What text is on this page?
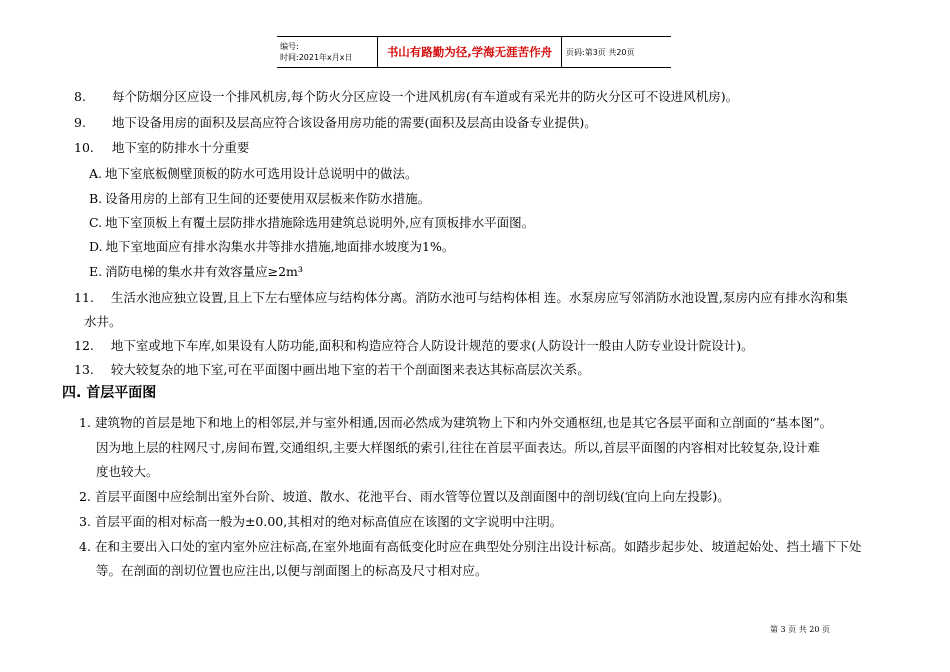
编号:
时间:2021年x月x日	书山有路勤为径,学海无涯苦作舟	页码:第3页 共20页
8. 每个防烟分区应设一个排风机房,每个防火分区应设一个进风机房(有车道或有采光井的防火分区可不设进风机房)。
9. 地下设备用房的面积及层高应符合该设备用房功能的需要(面积及层高由设备专业提供)。
10. 地下室的防排水十分重要
A. 地下室底板侧壁顶板的防水可选用设计总说明中的做法。
B. 设备用房的上部有卫生间的还要使用双层板来作防水措施。
C. 地下室顶板上有覆土层防排水措施除选用建筑总说明外,应有顶板排水平面图。
D. 地下室地面应有排水沟集水井等排水措施,地面排水坡度为1%。
E. 消防电梯的集水井有效容量应≥2m³
11. 生活水池应独立设置,且上下左右壁体应与结构体分离。消防水池可与结构体相 连。水泵房应写邻消防水池设置,泵房内应有排水沟和集
水井。
12. 地下室或地下车库,如果设有人防功能,面积和构造应符合人防设计规范的要求(人防设计一般由人防专业设计院设计)。
13. 较大较复杂的地下室,可在平面图中画出地下室的若干个剖面图来表达其标高层次关系。
四. 首层平面图
1. 建筑物的首层是地下和地上的相邻层,并与室外相通,因而必然成为建筑物上下和内外交通枢纽,也是其它各层平面和立剖面的“基本图”。
因为地上层的柱网尺寸,房间布置,交通组织,主要大样图纸的索引,往往在首层平面表达。所以,首层平面图的内容相对比较复杂,设计难
度也较大。
2. 首层平面图中应绘制出室外台阶、坡道、散水、花池平台、雨水管等位置以及剖面图中的剖切线(宜向上向左投影)。
3. 首层平面的相对标高一般为±0.00,其相对的绝对标高值应在该图的文字说明中注明。
4. 在和主要出入口处的室内室外应注标高,在室外地面有高低变化时应在典型处分别注出设计标高。如踏步起步处、坡道起始处、挡土墙下下处
等。在剖面的剖切位置也应注出,以便与剖面图上的标高及尺寸相对应。
第 3 页 共 20 页
